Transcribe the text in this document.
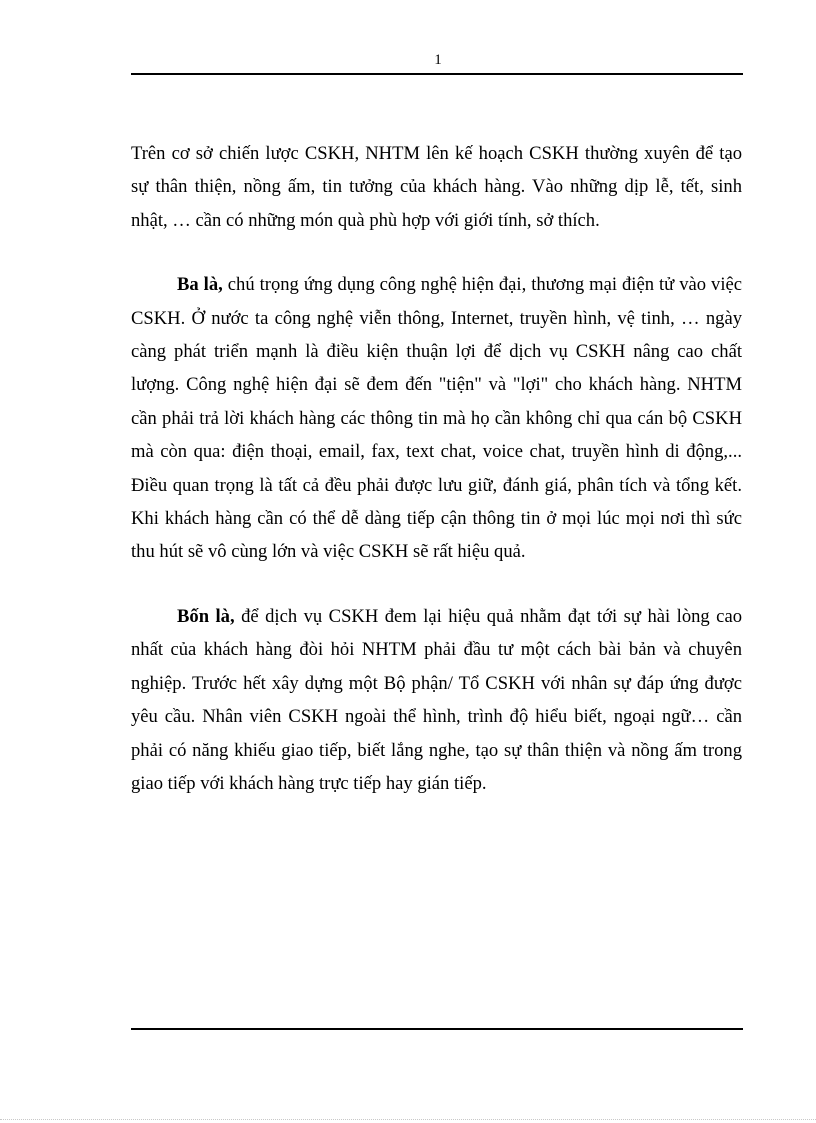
1

Trên cơ sở chiến lược CSKH, NHTM lên kế hoạch CSKH thường xuyên để tạo sự thân thiện, nồng ấm, tin tưởng của khách hàng. Vào những dịp lễ, tết, sinh nhật, … cần có những món quà phù hợp với giới tính, sở thích.

Ba là, chú trọng ứng dụng công nghệ hiện đại, thương mại điện tử vào việc CSKH. Ở nước ta công nghệ viễn thông, Internet, truyền hình, vệ tinh, … ngày càng phát triển mạnh là điều kiện thuận lợi để dịch vụ CSKH nâng cao chất lượng. Công nghệ hiện đại sẽ đem đến "tiện" và "lợi" cho khách hàng. NHTM cần phải trả lời khách hàng các thông tin mà họ cần không chỉ qua cán bộ CSKH mà còn qua: điện thoại, email, fax, text chat, voice chat, truyền hình di động,... Điều quan trọng là tất cả đều phải được lưu giữ, đánh giá, phân tích và tổng kết. Khi khách hàng cần có thể dễ dàng tiếp cận thông tin ở mọi lúc mọi nơi thì sức thu hút sẽ vô cùng lớn và việc CSKH sẽ rất hiệu quả.

Bốn là, để dịch vụ CSKH đem lại hiệu quả nhằm đạt tới sự hài lòng cao nhất của khách hàng đòi hỏi NHTM phải đầu tư một cách bài bản và chuyên nghiệp. Trước hết xây dựng một Bộ phận/ Tổ CSKH với nhân sự đáp ứng được yêu cầu. Nhân viên CSKH ngoài thể hình, trình độ hiểu biết, ngoại ngữ… cần phải có năng khiếu giao tiếp, biết lắng nghe, tạo sự thân thiện và nồng ấm trong giao tiếp với khách hàng trực tiếp hay gián tiếp.
